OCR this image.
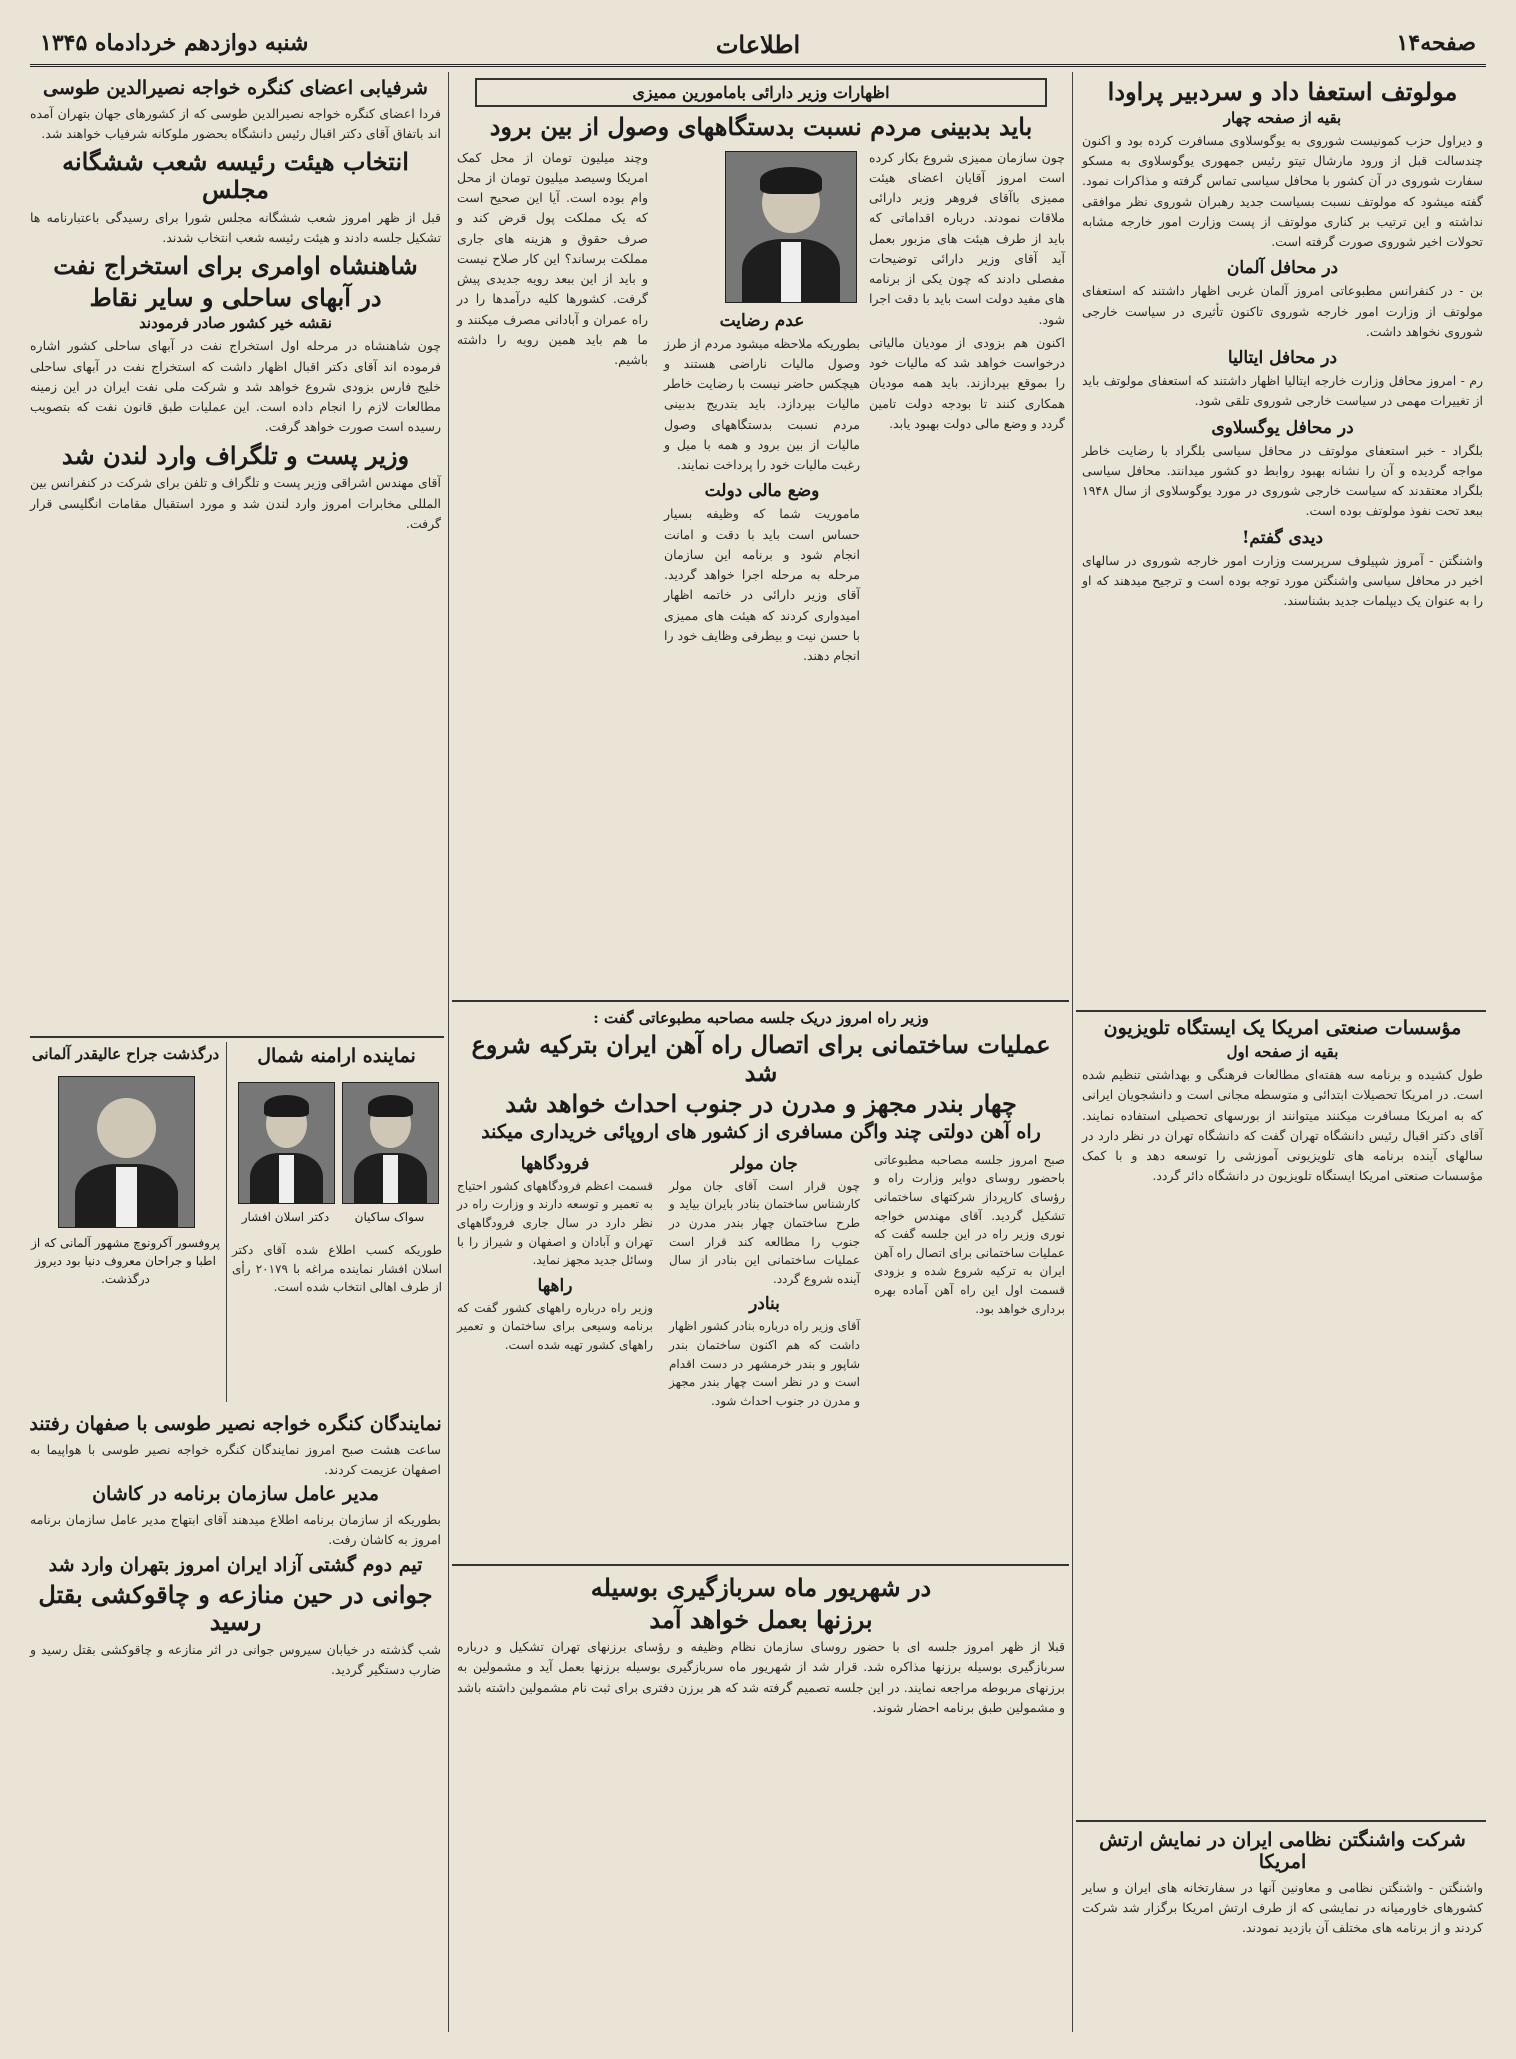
شنبه دوازدهم خردادماه ۱۳۴۵	اطلاعات	صفحه۱۴
مولوتف استعفا داد و سردبیر پراودا
بقیه از صفحه چهار
و دیراول حزب کمونیست شوروی به یوگوسلاوی مسافرت کرده بود و اکنون چندسالت قبل از ورود مارشال تیتو رئیس جمهوری یوگوسلاوی به مسکو سفارت شوروی در آن کشور با محافل سیاسی تماس گرفته و مذاکرات نمود. گفته میشود که مولوتف نسبت بسیاست جدید رهبران شوروی نظر موافقی نداشته و این ترتیب بر کناری مولوتف از پست وزارت امور خارجه مشابه تحولات اخیر شوروی صورت گرفته است.
در محافل آلمان
بن - در کنفرانس مطبوعاتی امروز آلمان غربی اظهار داشتند که استعفای مولوتف از وزارت امور خارجه شوروی تاکنون تأثیری در سیاست خارجی شوروی نخواهد داشت.
در محافل ایتالیا
رم - امروز محافل وزارت خارجه ایتالیا اظهار داشتند که استعفای مولوتف باید از تغییرات مهمی در سیاست خارجی شوروی تلقی شود.
در محافل یوگسلاوی
بلگراد - خبر استعفای مولوتف در محافل سیاسی بلگراد با رضایت خاطر مواجه گردیده و آن را نشانه بهبود روابط دو کشور میدانند. محافل سیاسی بلگراد معتقدند که سیاست خارجی شوروی در مورد یوگوسلاوی از سال ۱۹۴۸ ببعد تحت نفوذ مولوتف بوده است.
دیدی گفتم!
واشنگتن - آمروز شپیلوف سرپرست وزارت امور خارجه شوروی در سالهای اخیر در محافل سیاسی واشنگتن مورد توجه بوده است و ترجیح میدهند که او را به عنوان یک دیپلمات جدید بشناسند.
مؤسسات صنعتی امریکا یک ایستگاه تلویزیون
بقیه از صفحه اول
طول کشیده و برنامه سه هفته‌ای مطالعات فرهنگی و بهداشتی تنظیم شده است. در امریکا تحصیلات ابتدائی و متوسطه مجانی است و دانشجویان ایرانی که به امریکا مسافرت میکنند میتوانند از بورسهای تحصیلی استفاده نمایند. آقای دکتر اقبال رئیس دانشگاه تهران گفت که دانشگاه تهران در نظر دارد در سالهای آینده برنامه های تلویزیونی آموزشی را توسعه دهد و با کمک مؤسسات صنعتی امریکا ایستگاه تلویزیون در دانشگاه دائر گردد.
شرکت واشنگتن نظامی ایران در نمایش ارتش امریکا
واشنگتن - واشنگتن نظامی و معاونین آنها در سفارتخانه های ایران و سایر کشورهای خاورمیانه در نمایشی که از طرف ارتش امریکا برگزار شد شرکت کردند و از برنامه های مختلف آن بازدید نمودند.
اظهارات وزیر دارائی بامامورین ممیزی
باید بدبینی مردم نسبت بدستگاههای وصول از بین برود
چون سازمان ممیزی شروع بکار کرده است امروز آقایان اعضای هیئت ممیزی باآقای فروهر وزیر دارائی ملاقات نمودند. درباره اقداماتی که باید از طرف هیئت های مزبور بعمل آید آقای وزیر دارائی توضیحات مفصلی دادند که چون یکی از برنامه های مفید دولت است باید با دقت اجرا شود.
اکنون هم بزودی از مودیان مالیاتی درخواست خواهد شد که مالیات خود را بموقع بپردازند. باید همه مودیان همکاری کنند تا بودجه دولت تامین گردد و وضع مالی دولت بهبود یابد.
عدم رضایت
بطوریکه ملاحظه میشود مردم از طرز وصول مالیات ناراضی هستند و هیچکس حاضر نیست با رضایت خاطر مالیات بپردازد. باید بتدریج بدبینی مردم نسبت بدستگاههای وصول مالیات از بین برود و همه با میل و رغبت مالیات خود را پرداخت نمایند.
وضع مالی دولت
ماموریت شما که وظیفه بسیار حساس است باید با دقت و امانت انجام شود و برنامه این سازمان مرحله به مرحله اجرا خواهد گردید. آقای وزیر دارائی در خاتمه اظهار امیدواری کردند که هیئت های ممیزی با حسن نیت و بیطرفی وظایف خود را انجام دهند.
وچند میلیون تومان از محل کمک امریکا وسیصد میلیون تومان از محل وام بوده است. آیا این صحیح است که یک مملکت پول قرض کند و صرف حقوق و هزینه های جاری مملکت برساند؟ این کار صلاح نیست و باید از این ببعد رویه جدیدی پیش گرفت. کشورها کلیه درآمدها را در راه عمران و آبادانی مصرف میکنند و ما هم باید همین رویه را داشته باشیم.
وزیر راه امروز دریک جلسه مصاحبه مطبوعاتی گفت :
عملیات ساختمانی برای اتصال راه آهن ایران بترکیه شروع شد
چهار بندر مجهز و مدرن در جنوب احداث خواهد شد
راه آهن دولتی چند واگن مسافری از کشور های اروپائی خریداری میکند
صبح امروز جلسه مصاحبه مطبوعاتی باحضور روسای دوایر وزارت راه و رؤسای کارپرداز شرکتهای ساختمانی تشکیل گردید. آقای مهندس خواجه نوری وزیر راه در این جلسه گفت که عملیات ساختمانی برای اتصال راه آهن ایران به ترکیه شروع شده و بزودی قسمت اول این راه آهن آماده بهره برداری خواهد بود.
جان مولر
چون قرار است آقای جان مولر کارشناس ساختمان بنادر بایران بیاید و طرح ساختمان چهار بندر مدرن در جنوب را مطالعه کند قرار است عملیات ساختمانی این بنادر از سال آینده شروع گردد.
بنادر
آقای وزیر راه درباره بنادر کشور اظهار داشت که هم اکنون ساختمان بندر شاپور و بندر خرمشهر در دست اقدام است و در نظر است چهار بندر مجهز و مدرن در جنوب احداث شود.
فرودگاهها
قسمت اعظم فرودگاههای کشور احتیاج به تعمیر و توسعه دارند و وزارت راه در نظر دارد در سال جاری فرودگاههای تهران و آبادان و اصفهان و شیراز را با وسائل جدید مجهز نماید.
راهها
وزیر راه درباره راههای کشور گفت که برنامه وسیعی برای ساختمان و تعمیر راههای کشور تهیه شده است.
در شهریور ماه سربازگیری بوسیله
برزنها بعمل خواهد آمد
قبلا از ظهر امروز جلسه ای با حضور روسای سازمان نظام وظیفه و رؤسای برزنهای تهران تشکیل و درباره سربازگیری بوسیله برزنها مذاکره شد. قرار شد از شهریور ماه سربازگیری بوسیله برزنها بعمل آید و مشمولین به برزنهای مربوطه مراجعه نمایند. در این جلسه تصمیم گرفته شد که هر برزن دفتری برای ثبت نام مشمولین داشته باشد و مشمولین طبق برنامه احضار شوند.
شرفیابی اعضای کنگره خواجه نصیرالدین طوسی
فردا اعضای کنگره خواجه نصیرالدین طوسی که از کشورهای جهان بتهران آمده اند باتفاق آقای دکتر اقبال رئیس دانشگاه بحضور ملوکانه شرفیاب خواهند شد.
انتخاب هیئت رئیسه شعب ششگانه مجلس
قبل از ظهر امروز شعب ششگانه مجلس شورا برای رسیدگی باعتبارنامه ها تشکیل جلسه دادند و هیئت رئیسه شعب انتخاب شدند.
شاهنشاه اوامری برای استخراج نفت
در آبهای ساحلی و سایر نقاط
نقشه خیر کشور صادر فرمودند
چون شاهنشاه در مرحله اول استخراج نفت در آبهای ساحلی کشور اشاره فرموده اند آقای دکتر اقبال اظهار داشت که استخراج نفت در آبهای ساحلی خلیج فارس بزودی شروع خواهد شد و شرکت ملی نفت ایران در این زمینه مطالعات لازم را انجام داده است. این عملیات طبق قانون نفت که بتصویب رسیده است صورت خواهد گرفت.
وزیر پست و تلگراف وارد لندن شد
آقای مهندس اشراقی وزیر پست و تلگراف و تلفن برای شرکت در کنفرانس بین المللی مخابرات امروز وارد لندن شد و مورد استقبال مقامات انگلیسی قرار گرفت.
درگذشت جراح عالیقدر آلمانی
پروفسور آکرونوچ مشهور آلمانی که از اطبا و جراحان معروف دنیا بود دیروز درگذشت.
نماینده ارامنه شمال
سواک ساکیان
دکتر اسلان افشار
طوریکه کسب اطلاع شده آقای دکتر اسلان افشار نماینده مراغه با ۲۰۱۷۹ رأی از طرف اهالی انتخاب شده است.
نمایندگان کنگره خواجه نصیر طوسی با صفهان رفتند
ساعت هشت صبح امروز نمایندگان کنگره خواجه نصیر طوسی با هواپیما به اصفهان عزیمت کردند.
مدیر عامل سازمان برنامه در کاشان
بطوریکه از سازمان برنامه اطلاع میدهند آقای ابتهاج مدیر عامل سازمان برنامه امروز به کاشان رفت.
تیم دوم گشتی آزاد ایران امروز بتهران وارد شد
جوانی در حین منازعه و چاقوکشی بقتل رسید
شب گذشته در خیابان سیروس جوانی در اثر منازعه و چاقوکشی بقتل رسید و ضارب دستگیر گردید.
